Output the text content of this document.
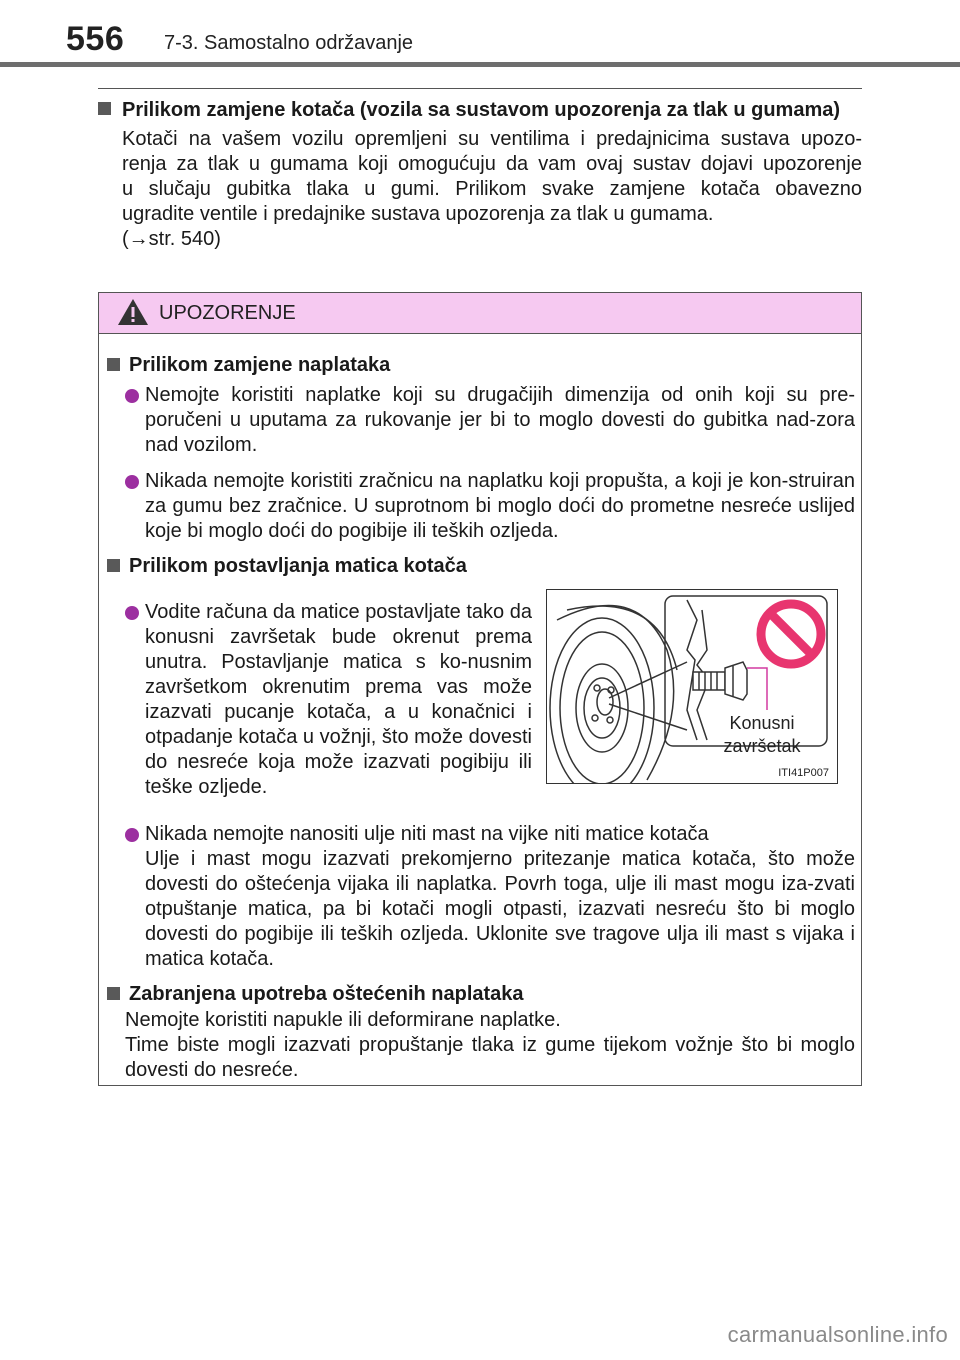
556 7-3. Samostalno održavanje
Prilikom zamjene kotača (vozila sa sustavom upozorenja za tlak u gumama)
Kotači na vašem vozilu opremljeni su ventilima i predajnicima sustava upozo-
renja za tlak u gumama koji omogućuju da vam ovaj sustav dojavi upozorenje
u slučaju gubitka tlaka u gumi. Prilikom svake zamjene kotača obavezno
ugradite ventile i predajnike sustava upozorenja za tlak u gumama.
(→str. 540)
UPOZORENJE
Prilikom zamjene naplataka
Nemojte koristiti naplatke koji su drugačijih dimenzija od onih koji su pre-poručeni u uputama za rukovanje jer bi to moglo dovesti do gubitka nad-zora nad vozilom.
Nikada nemojte koristiti zračnicu na naplatku koji propušta, a koji je kon-struiran za gumu bez zračnice. U suprotnom bi moglo doći do prometne nesreće uslijed koje bi moglo doći do pogibije ili teških ozljeda.
Prilikom postavljanja matica kotača
Vodite računa da matice postavljate tako da konusni završetak bude okrenut prema unutra. Postavljanje matica s ko-nusnim završetkom okrenutim prema vas može izazvati pucanje kotača, a u konačnici i otpadanje kotača u vožnji, što može dovesti do nesreće koja može izazvati pogibiju ili teške ozljede.
Nikada nemojte nanositi ulje niti mast na vijke niti matice kotača
Ulje i mast mogu izazvati prekomjerno pritezanje matica kotača, što može dovesti do oštećenja vijaka ili naplatka. Povrh toga, ulje ili mast mogu iza-zvati otpuštanje matica, pa bi kotači mogli otpasti, izazvati nesreću što bi moglo dovesti do pogibije ili teških ozljeda. Uklonite sve tragove ulja ili mast s vijaka i matica kotača.
Zabranjena upotreba oštećenih naplataka
Nemojte koristiti napukle ili deformirane naplatke.
Time biste mogli izazvati propuštanje tlaka iz gume tijekom vožnje što bi moglo dovesti do nesreće.
Konusni
završetak
ITI41P007
carmanualsonline.info
